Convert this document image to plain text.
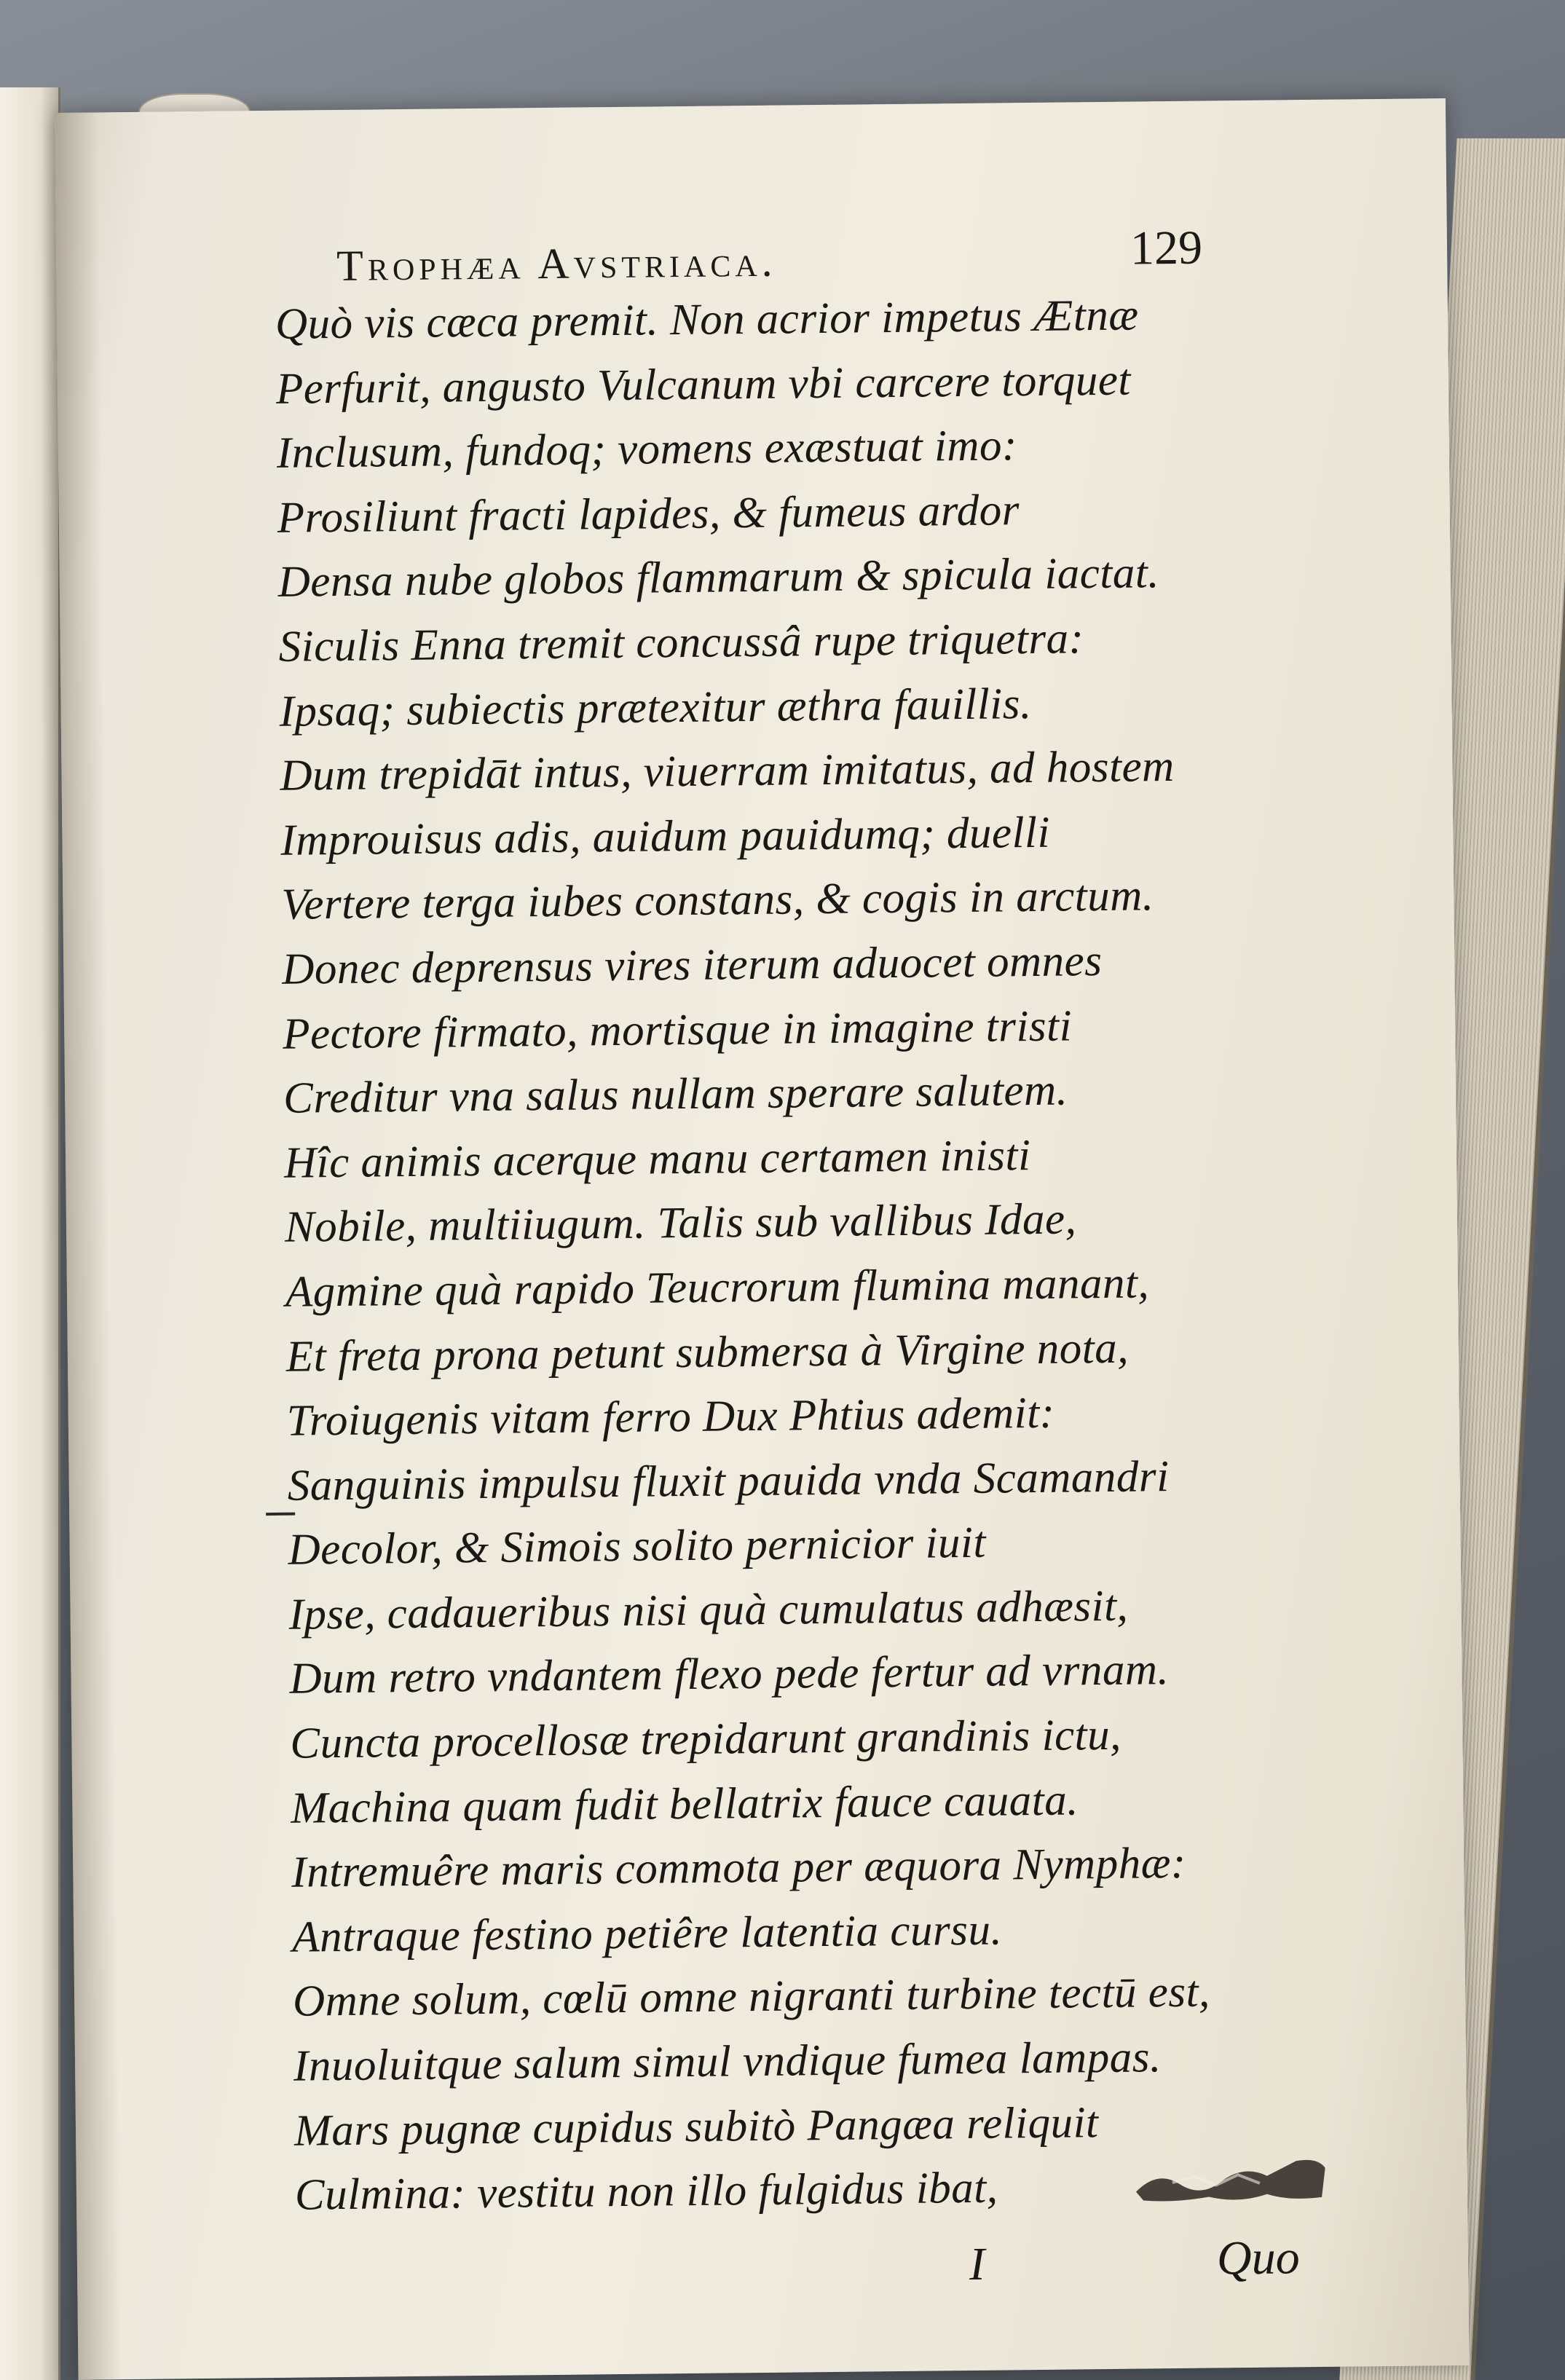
Trophæa Avstriaca.	129
Quò vis cæca premit. Non acrior impetus Ætnæ
Perfurit, angusto Vulcanum vbi carcere torquet
Inclusum, fundoq; vomens exæstuat imo:
Prosiliunt fracti lapides, & fumeus ardor
Densa nube globos flammarum & spicula iactat.
Siculis Enna tremit concussâ rupe triquetra:
Ipsaq; subiectis prætexitur æthra fauillis.
Dum trepidāt intus, viuerram imitatus, ad hostem
Improuisus adis, auidum pauidumq; duelli
Vertere terga iubes constans, & cogis in arctum.
Donec deprensus vires iterum aduocet omnes
Pectore firmato, mortisque in imagine tristi
Creditur vna salus nullam sperare salutem.
Hîc animis acerque manu certamen inisti
Nobile, multiiugum. Talis sub vallibus Idae,
Agmine quà rapido Teucrorum flumina manant,
Et freta prona petunt submersa à Virgine nota,
Troiugenis vitam ferro Dux Phtius ademit:
Sanguinis impulsu fluxit pauida vnda Scamandri
Decolor, & Simois solito pernicior iuit
Ipse, cadaueribus nisi quà cumulatus adhæsit,
Dum retro vndantem flexo pede fertur ad vrnam.
Cuncta procellosæ trepidarunt grandinis ictu,
Machina quam fudit bellatrix fauce cauata.
Intremuêre maris commota per æquora Nymphæ:
Antraque festino petiêre latentia cursu.
Omne solum, cœlū omne nigranti turbine tectū est,
Inuoluitque salum simul vndique fumea lampas.
Mars pugnæ cupidus subitò Pangæa reliquit
Culmina: vestitu non illo fulgidus ibat,
I	Quo
